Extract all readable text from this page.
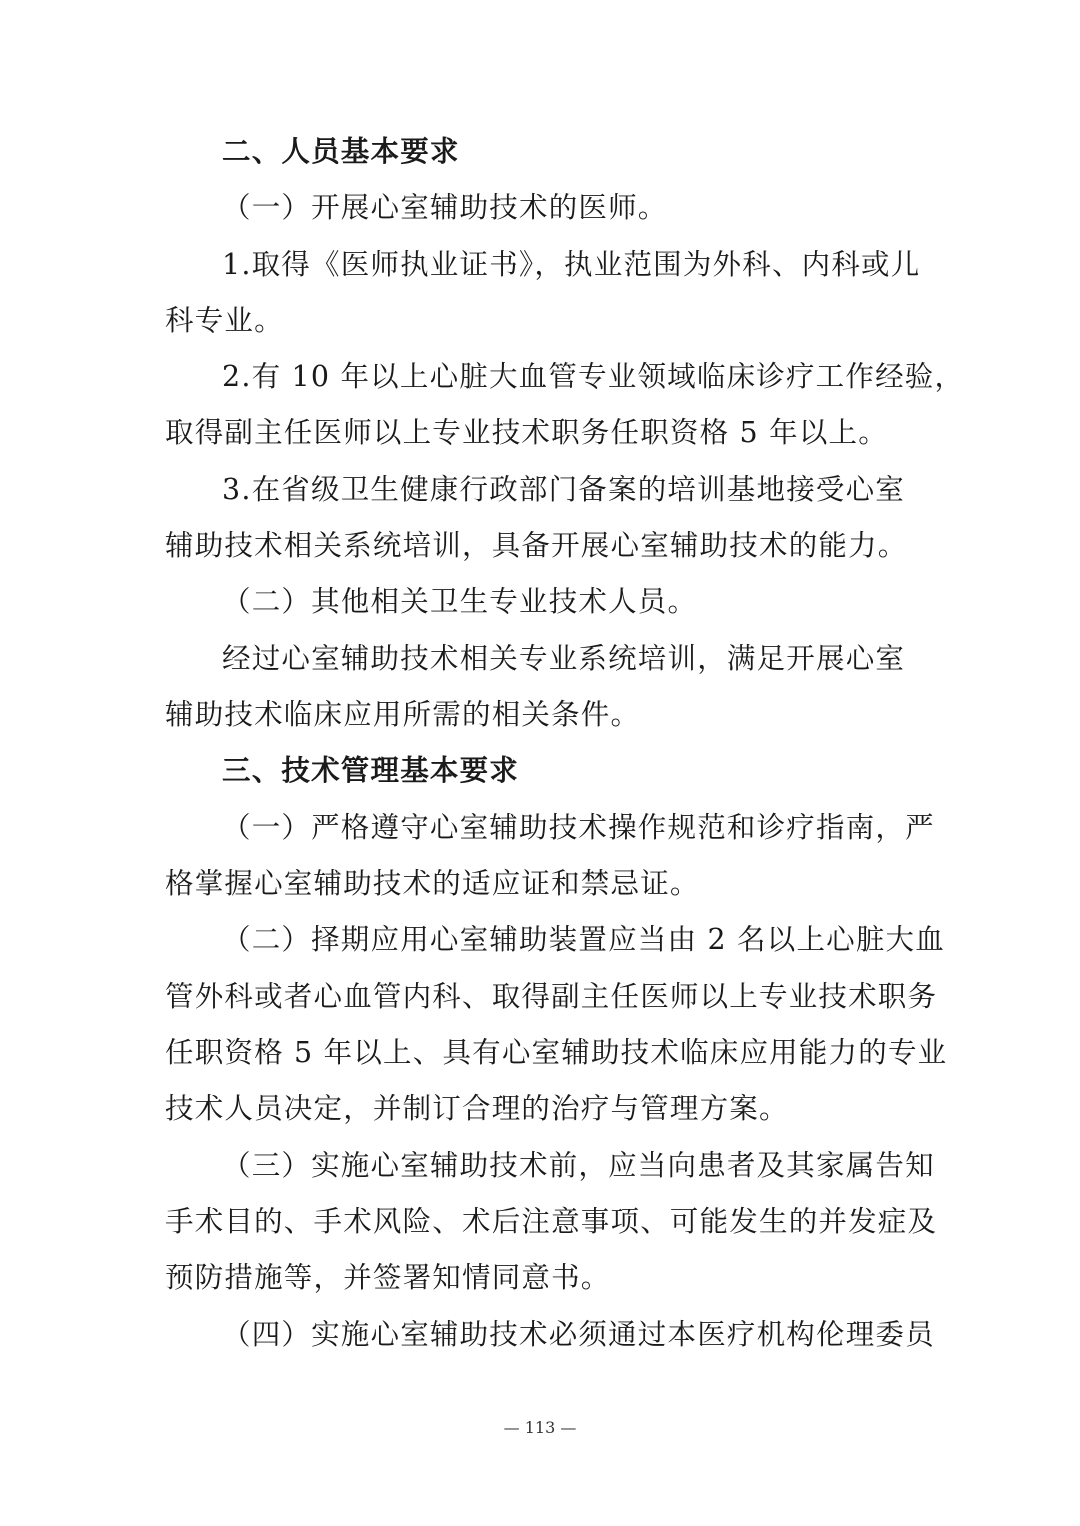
二、人员基本要求
（一）开展心室辅助技术的医师。
1.取得《医师执业证书》，执业范围为外科、内科或儿
科专业。
2.有 10 年以上心脏大血管专业领域临床诊疗工作经验，
取得副主任医师以上专业技术职务任职资格 5 年以上。
3.在省级卫生健康行政部门备案的培训基地接受心室
辅助技术相关系统培训，具备开展心室辅助技术的能力。
（二）其他相关卫生专业技术人员。
经过心室辅助技术相关专业系统培训，满足开展心室
辅助技术临床应用所需的相关条件。
三、技术管理基本要求
（一）严格遵守心室辅助技术操作规范和诊疗指南，严
格掌握心室辅助技术的适应证和禁忌证。
（二）择期应用心室辅助装置应当由 2 名以上心脏大血
管外科或者心血管内科、取得副主任医师以上专业技术职务
任职资格 5 年以上、具有心室辅助技术临床应用能力的专业
技术人员决定，并制订合理的治疗与管理方案。
（三）实施心室辅助技术前，应当向患者及其家属告知
手术目的、手术风险、术后注意事项、可能发生的并发症及
预防措施等，并签署知情同意书。
（四）实施心室辅助技术必须通过本医疗机构伦理委员
— 113 —
